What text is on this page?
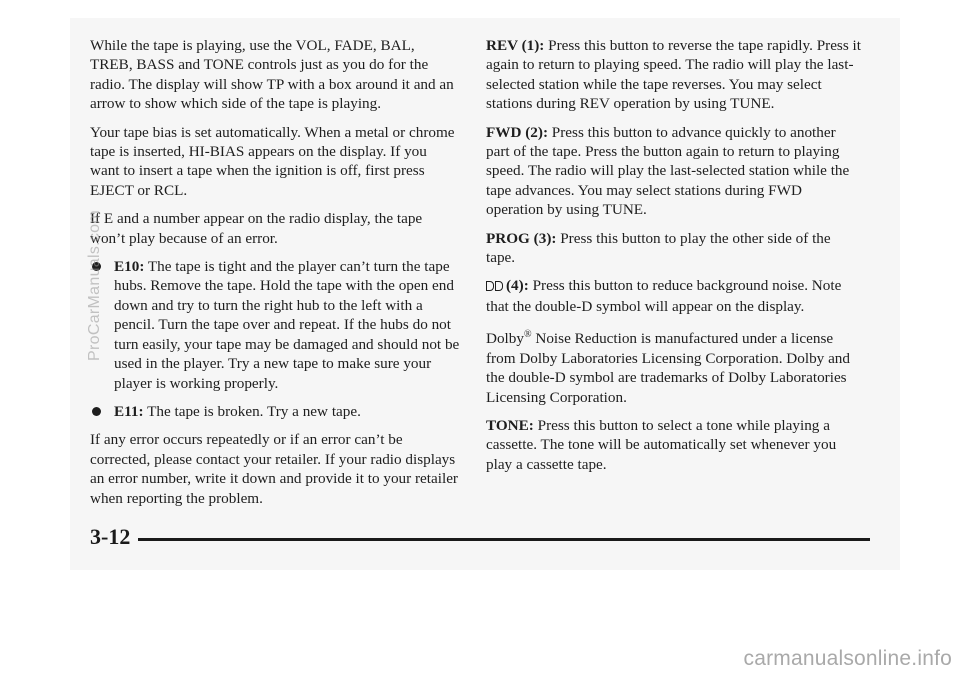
While the tape is playing, use the VOL, FADE, BAL, TREB, BASS and TONE controls just as you do for the radio. The display will show TP with a box around it and an arrow to show which side of the tape is playing.

Your tape bias is set automatically. When a metal or chrome tape is inserted, HI-BIAS appears on the display. If you want to insert a tape when the ignition is off, first press EJECT or RCL.

If E and a number appear on the radio display, the tape won’t play because of an error.

E10: The tape is tight and the player can’t turn the tape hubs. Remove the tape. Hold the tape with the open end down and try to turn the right hub to the left with a pencil. Turn the tape over and repeat. If the hubs do not turn easily, your tape may be damaged and should not be used in the player. Try a new tape to make sure your player is working properly.
E11: The tape is broken. Try a new tape.

If any error occurs repeatedly or if an error can’t be corrected, please contact your retailer. If your radio displays an error number, write it down and provide it to your retailer when reporting the problem.

REV (1): Press this button to reverse the tape rapidly. Press it again to return to playing speed. The radio will play the last-selected station while the tape reverses. You may select stations during REV operation by using TUNE.

FWD (2): Press this button to advance quickly to another part of the tape. Press the button again to return to playing speed. The radio will play the last-selected station while the tape advances. You may select stations during FWD operation by using TUNE.

PROG (3): Press this button to play the other side of the tape.

(4): Press this button to reduce background noise. Note that the double-D symbol will appear on the display.

Dolby® Noise Reduction is manufactured under a license from Dolby Laboratories Licensing Corporation. Dolby and the double-D symbol are trademarks of Dolby Laboratories Licensing Corporation.

TONE: Press this button to select a tone while playing a cassette. The tone will be automatically set whenever you play a cassette tape.

3-12
ProCarManuals.com
carmanualsonline.info
